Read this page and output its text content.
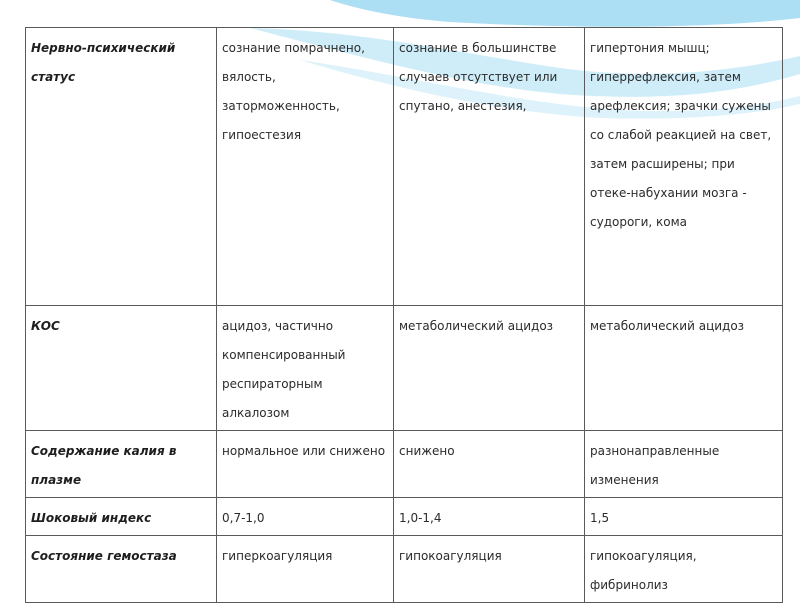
Нервно-психический статус	сознание помрачнено, вялость, заторможенность, гипоестезия	сознание в большинстве случаев отсутствует или спутано, анестезия,	гипертония мышц; гиперрефлексия, затем арефлексия; зрачки сужены со слабой реакцией на свет, затем расширены; при отеке-набухании мозга - судороги, кома

КОС	ацидоз, частично компенсированный респираторным алкалозом	метаболический ацидоз	метаболический ацидоз

Содержание калия в плазме	нормальное или снижено	снижено	разнонаправленные изменения

Шоковый индекс	0,7-1,0	1,0-1,4	1,5

Состояние гемостаза	гиперкоагуляция	гипокоагуляция	гипокоагуляция, фибринолиз
